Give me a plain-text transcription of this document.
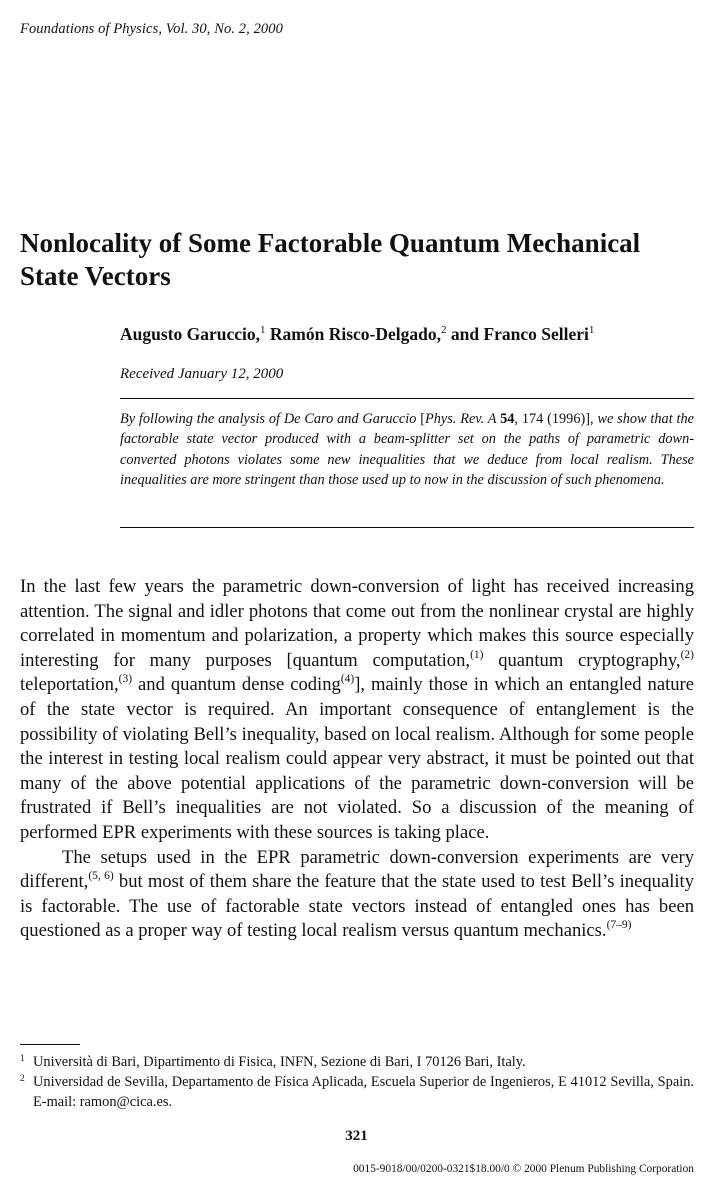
Foundations of Physics, Vol. 30, No. 2, 2000
Nonlocality of Some Factorable Quantum Mechanical
State Vectors
Augusto Garuccio,$^1$ Ramón Risco-Delgado,$^2$ and Franco Selleri$^1$
Received January 12, 2000

By following the analysis of De Caro and Garuccio [Phys. Rev. A 54, 174 (1996)], we show that the factorable state vector produced with a beam-splitter set on the paths of parametric down-converted photons violates some new inequalities that we deduce from local realism. These inequalities are more stringent than those used up to now in the discussion of such phenomena.

In the last few years the parametric down-conversion of light has received increasing attention. The signal and idler photons that come out from the nonlinear crystal are highly correlated in momentum and polarization, a property which makes this source especially interesting for many purposes [quantum computation,$^{(1)}$ quantum cryptography,$^{(2)}$ teleportation,$^{(3)}$ and quantum dense coding$^{(4)}$], mainly those in which an entangled nature of the state vector is required. An important consequence of entanglement is the possibility of violating Bell’s inequality, based on local realism. Although for some people the interest in testing local realism could appear very abstract, it must be pointed out that many of the above potential applications of the parametric down-conversion will be frustrated if Bell’s inequalities are not violated. So a discussion of the meaning of performed EPR experiments with these sources is taking place.

The setups used in the EPR parametric down-conversion experiments are very different,$^{(5, 6)}$ but most of them share the feature that the state used to test Bell’s inequality is factorable. The use of factorable state vectors instead of entangled ones has been questioned as a proper way of testing local realism versus quantum mechanics.$^{(7-9)}$

1 Università di Bari, Dipartimento di Fisica, INFN, Sezione di Bari, I 70126 Bari, Italy.
2 Universidad de Sevilla, Departamento de Física Aplicada, Escuela Superior de Ingenieros, E 41012 Sevilla, Spain. E-mail: ramon@cica.es.
321
0015-9018/00/0200-0321$18.00/0 © 2000 Plenum Publishing Corporation
